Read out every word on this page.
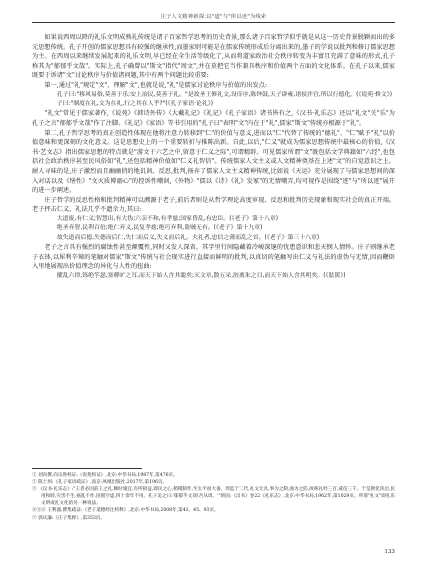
庄子人文精神新探:以"道"与"所以迹"为线索

如果说西周以降的礼乐文明成熟礼传统是诸子百家哲学思考的历史背景,那么诸子百家哲学似乎就是从这一历史背景脱颖而出的多元思想传统。孔子开创的儒家思想具有较强的继承性,而墨家则可能是在儒家传统形成后分离出来的,墨子的学说以批判和修订儒家思想为主。在西周以来继续发展起来的礼乐文明,早已经在全生活等级化了,从而将道家政治社会秩序转变为丰富且充满了意味的形式,孔子称其为"郁郁乎文哉"。实际上,孔子确曾以"斯文"指代"周文",并在莫把它当作兼具秩序和价值两个方面的文化体系。在孔子以来,儒家既要于诉诸"文"讨论秩序与价值诸问题,其中有两个问题比较重要:

第一,通过"礼"规定"文"、理解"文",也就是说,"礼"是儒家讨论秩序与价值的出发点:

孔子曰:"移风易俗,莫善于乐;安上治民,莫善于礼。"是故圣王修礼文,设庠序,陈钟鼓,天子辟雍,诸侯泮宫,所以行德化。(《说苑·修文》)

子曰:"制度在礼,文为在礼,行之其在人乎?"(《孔子家语·论礼》)

"礼文"常见于儒家著作,《说苑》《韩诗外传》《大戴礼记》《礼记》《孔子家语》诸书皆有之,《汉书·礼乐志》还以"礼文"关"乐"为孔子之言"郁郁乎文哉"作了注脚。《礼记》《家语》等书引用的"孔子曰"表明"文"内在于"礼",儒家"斯文"传统亦根源于"礼"。

第二,孔子哲学思考的真正创造性体现在他将注意力转移到"仁"的价值与意义,进而以"仁"代替了传统的"德礼"、"仁"赋予"礼"以价值意味和更深刻的文化意义。这是思想史上的一个重要转折与推陈出新。自此,以后,"仁义"就成为儒家思想传统中最核心的价值,《汉书·艺文志》指出儒家思想的特点就是"游文于六艺之中,留意于仁义之际",可谓精辟。可见儒家所谓"文"既包括文学典籍如"六经",也包括社会政治秩序甚至民风俗如"礼",还包括精神价值如"仁义礼智信"。传统儒家人文主义或人文精神奠基在上述"文"的自觉意识之上。耐人寻味的是,庄子激烈而且幽幽俏的地讥讽、反思,批判,扬弃了儒家人文主义精神传统,比如说《天运》充分展现了与儒家思想间的深入对话以及《缮性》"文灭质博溺心"的控诉性嘲讽,《外物》"儒以《诗》《礼》发冢"的无情嘲弄,均可视作是围绕"迹"与"所以迹"展开的进一步阐述。

庄子哲学的反思性格和批判精神可以溯源于老子,前后者则是从哲学理论高度审视、反思和批判历史现象和现实社会的真正开端。老子抨击仁义、礼法几乎不遗余力,其曰:

大道废,有仁义;智慧出,有大伪;六亲不和,有孝慈;国家昏乱,有忠臣。(《老子》第十八章)

绝圣弃智,民利百倍;绝仁弃义,民复孝慈;绝巧弃利,盗贼无有。(《老子》第十九章)

故失道而后德,失德而后仁,失仁而后义,失义而后礼。夫礼者,忠信之薄而乱之首。(《老子》第三十八章)

老子之言具有强烈的腐蚀性甚至颠覆性,同时又发人深省。其字里行间隐藏着冷峻深邃的忧患意识和悲天悯人情怀。庄子则继承老子衣钵,以犀利辛辣的笔触对儒家"斯文"传统与社会现实进行直接而鲜明的批判,以真切的笔触写出仁义与礼法的虚伪与无情,因而鞭辟入里地展现出价值理念的异化与人性的扭曲:

擢乱六律,铄绝竽瑟,塞瞽旷之耳,而天下始人含其聪矣;灭文章,散五采,胶离朱之目,而天下始人含其明矣。(《胠箧》)

① 刘向撰,向宗鲁校证:《说苑校证》,北京:中华书局,1987年,第476页。

② 陈士珂:《孔子家语疏证》,南京:凤凰出版社,2017年,第196页。

③ 《汉书·礼乐志》:"王者必因前王之礼,顺时施宜,有所损益,即民之心,稍稍制作,至太平而大备。周监于二代,礼文尤具,事为之制,曲为之防,故称礼经三百,威仪三千。于是教化浃洽,民用和睦,灾害不生,祸乱不作,囹圄空虚,四十余年不用。孔子美之曰:'郁郁乎文哉!吾从周。'"班固:《汉书》卷22《礼乐志》,北京:中华书局,1962年,第1029页。所谓"礼文"即礼乐文明或礼文化的另一种说法。

④⑤⑥ 王利器,撰集疏证:《老子道德经注校释》,北京:中华书局,2008年,第43、45、93页。

⑦ 郭庆藩:《庄子集释》,第353页。

133
